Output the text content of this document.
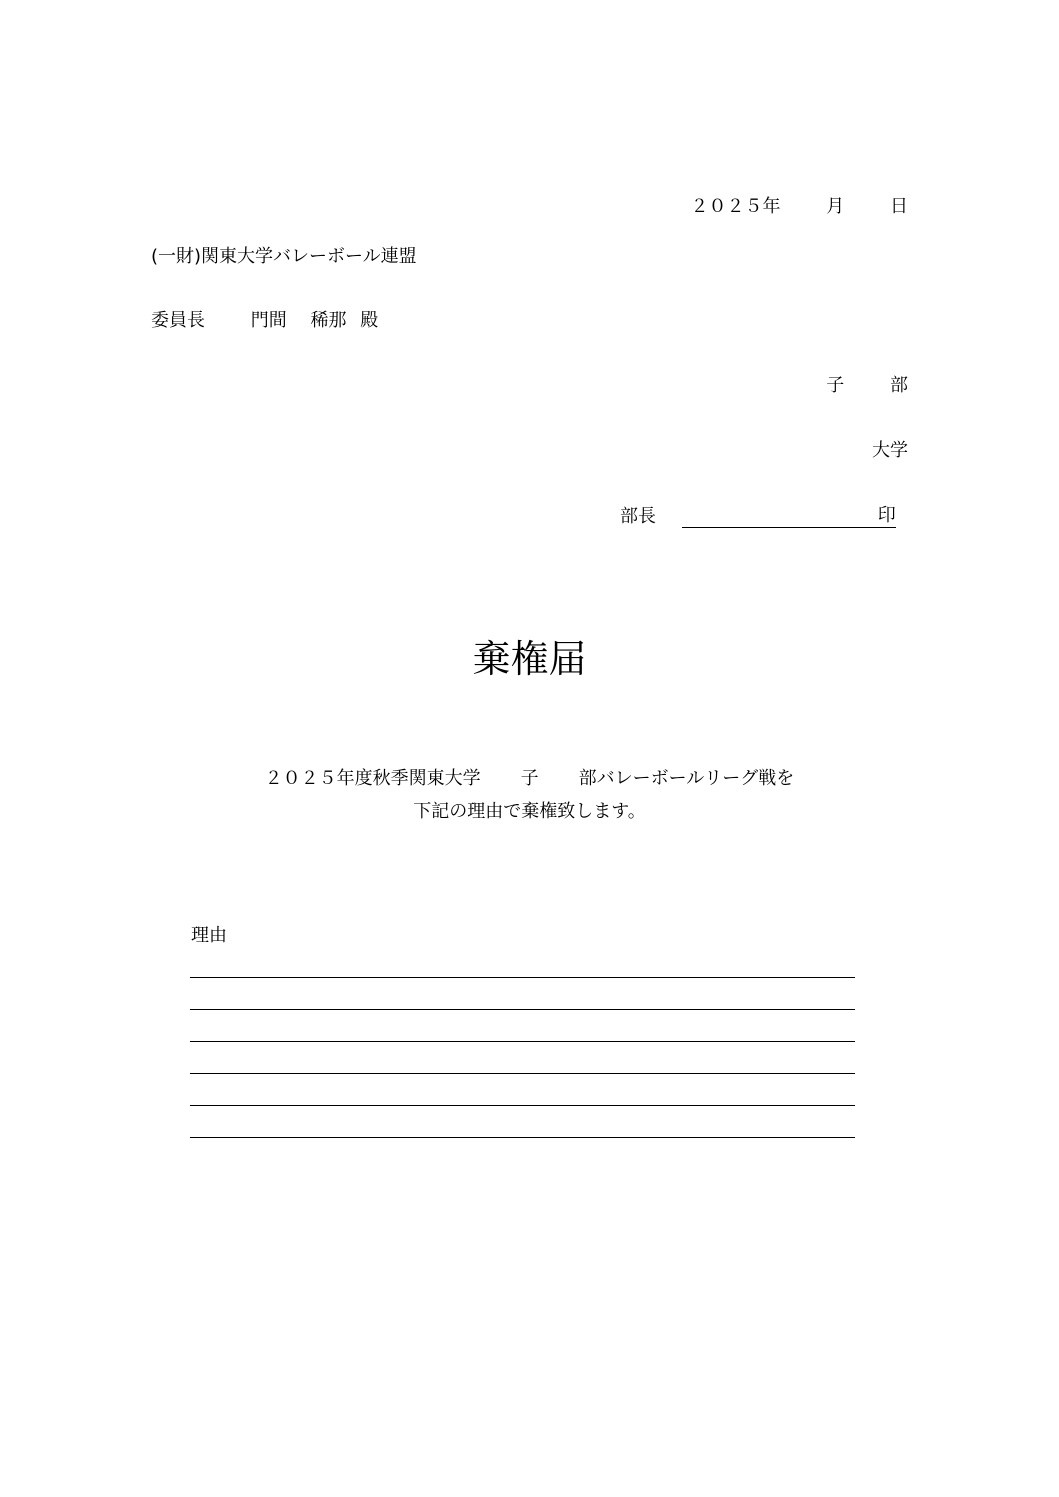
２０２５年	月	日
(一財)関東大学バレーボール連盟
委員長	門間 稀那 殿
子	部
大学
部長	印
棄権届
２０２５年度秋季関東大学 子 部バレーボールリーグ戦を
下記の理由で棄権致します。
理由
